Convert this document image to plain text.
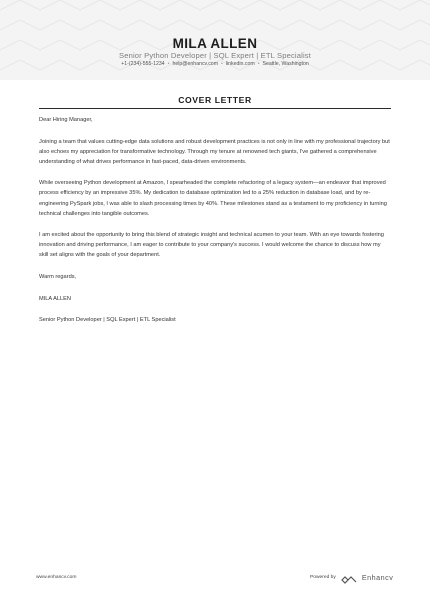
MILA ALLEN
Senior Python Developer | SQL Expert | ETL Specialist
+1-(234)-555-1234 • help@enhancv.com • linkedin.com • Seattle, Washington
COVER LETTER

Dear Hiring Manager,

Joining a team that values cutting-edge data solutions and robust development practices is not only in line with my professional trajectory but also echoes my appreciation for transformative technology. Through my tenure at renowned tech giants, I've gathered a comprehensive understanding of what drives performance in fast-paced, data-driven environments.

While overseeing Python development at Amazon, I spearheaded the complete refactoring of a legacy system—an endeavor that improved process efficiency by an impressive 35%. My dedication to database optimization led to a 25% reduction in database load, and by re-engineering PySpark jobs, I was able to slash processing times by 40%. These milestones stand as a testament to my proficiency in turning technical challenges into tangible outcomes.

I am excited about the opportunity to bring this blend of strategic insight and technical acumen to your team. With an eye towards fostering innovation and driving performance, I am eager to contribute to your company's success. I would welcome the chance to discuss how my skill set aligns with the goals of your department.

Warm regards,

MILA ALLEN

Senior Python Developer | SQL Expert | ETL Specialist

www.enhancv.com	Powered by	Enhancv
